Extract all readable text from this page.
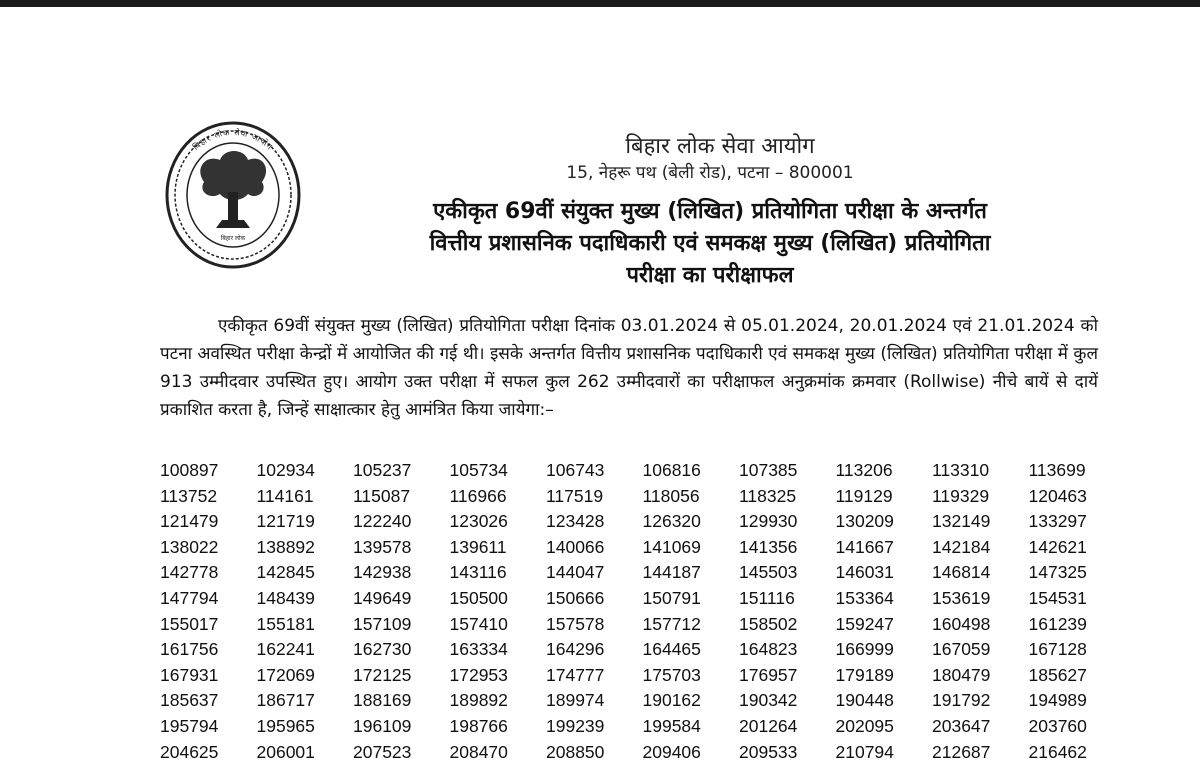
बिहार लोक
बिहार लोक सेवा आयोग	बिहार लोक सेवा आयोग
15, नेहरू पथ (बेली रोड), पटना – 800001
एकीकृत 69वीं संयुक्त मुख्य (लिखित) प्रतियोगिता परीक्षा के अन्तर्गत
वित्तीय प्रशासनिक पदाधिकारी एवं समकक्ष मुख्य (लिखित) प्रतियोगिता
परीक्षा का परीक्षाफल

एकीकृत 69वीं संयुक्त मुख्य (लिखित) प्रतियोगिता परीक्षा दिनांक 03.01.2024 से 05.01.2024, 20.01.2024 एवं 21.01.2024 को पटना अवस्थित परीक्षा केन्द्रों में आयोजित की गई थी। इसके अन्तर्गत वित्तीय प्रशासनिक पदाधिकारी एवं समकक्ष मुख्य (लिखित) प्रतियोगिता परीक्षा में कुल 913 उम्मीदवार उपस्थित हुए। आयोग उक्त परीक्षा में सफल कुल 262 उम्मीदवारों का परीक्षाफल अनुक्रमांक क्रमवार (Rollwise) नीचे बायें से दायें प्रकाशित करता है, जिन्हें साक्षात्कार हेतु आमंत्रित किया जायेगा:–

100897	102934	105237	105734	106743	106816	107385	113206	113310	113699
113752	114161	115087	116966	117519	118056	118325	119129	119329	120463
121479	121719	122240	123026	123428	126320	129930	130209	132149	133297
138022	138892	139578	139611	140066	141069	141356	141667	142184	142621
142778	142845	142938	143116	144047	144187	145503	146031	146814	147325
147794	148439	149649	150500	150666	150791	151116	153364	153619	154531
155017	155181	157109	157410	157578	157712	158502	159247	160498	161239
161756	162241	162730	163334	164296	164465	164823	166999	167059	167128
167931	172069	172125	172953	174777	175703	176957	179189	180479	185627
185637	186717	188169	189892	189974	190162	190342	190448	191792	194989
195794	195965	196109	198766	199239	199584	201264	202095	203647	203760
204625	206001	207523	208470	208850	209406	209533	210794	212687	216462
